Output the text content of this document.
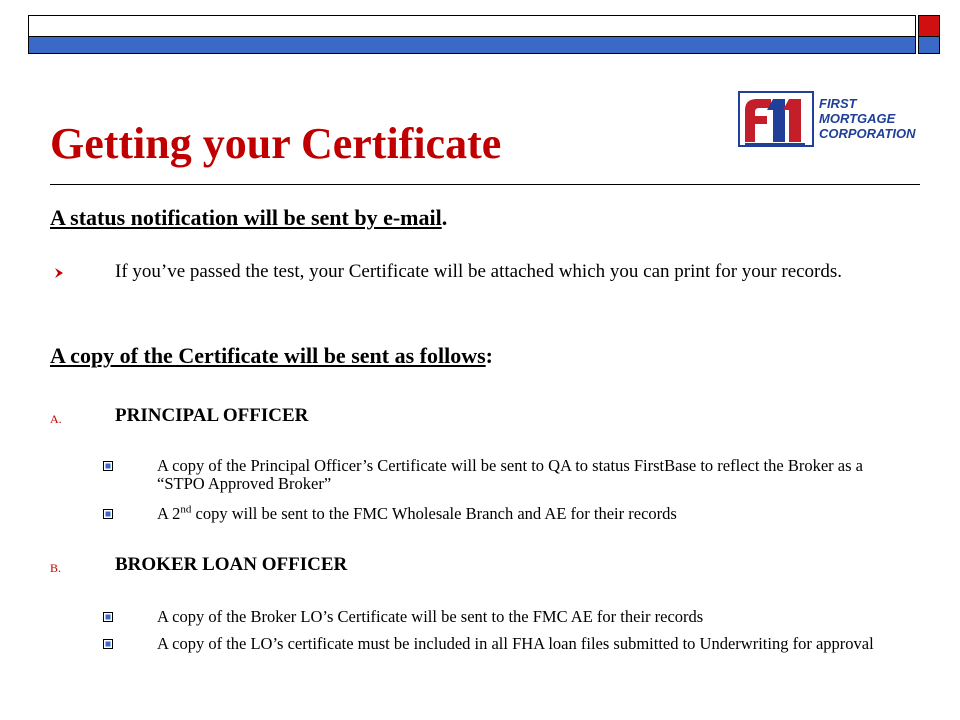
FIRST
MORTGAGE
CORPORATION
Getting your Certificate
A status notification will be sent by e-mail.
If you’ve passed the test, your Certificate will be attached which you can print for your records.
A copy of the Certificate will be sent as follows:
A.	PRINCIPAL OFFICER
A copy of the Principal Officer’s Certificate will be sent to QA to status FirstBase to reflect the Broker as a “STPO Approved Broker”
A 2nd copy will be sent to the FMC Wholesale Branch and AE for their records
B.	BROKER LOAN OFFICER
A copy of the Broker LO’s Certificate will be sent to the FMC AE for their records
A copy of the LO’s certificate must be included in all FHA loan files submitted to Underwriting for approval
